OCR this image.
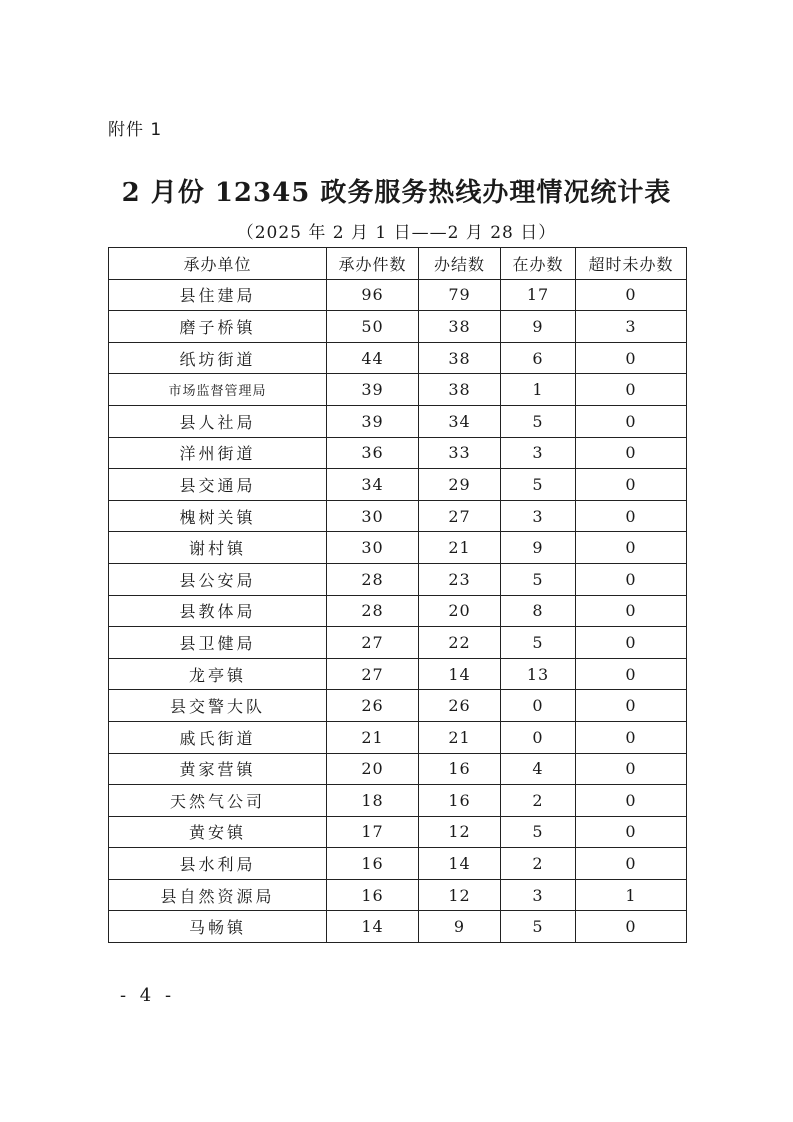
附件 1
2 月份 12345 政务服务热线办理情况统计表
（2025 年 2 月 1 日——2 月 28 日）
承办单位	承办件数	办结数	在办数	超时未办数
县住建局	96	79	17	0
磨子桥镇	50	38	9	3
纸坊街道	44	38	6	0
市场监督管理局	39	38	1	0
县人社局	39	34	5	0
洋州街道	36	33	3	0
县交通局	34	29	5	0
槐树关镇	30	27	3	0
谢村镇	30	21	9	0
县公安局	28	23	5	0
县教体局	28	20	8	0
县卫健局	27	22	5	0
龙亭镇	27	14	13	0
县交警大队	26	26	0	0
戚氏街道	21	21	0	0
黄家营镇	20	16	4	0
天然气公司	18	16	2	0
黄安镇	17	12	5	0
县水利局	16	14	2	0
县自然资源局	16	12	3	1
马畅镇	14	9	5	0
- 4 -
